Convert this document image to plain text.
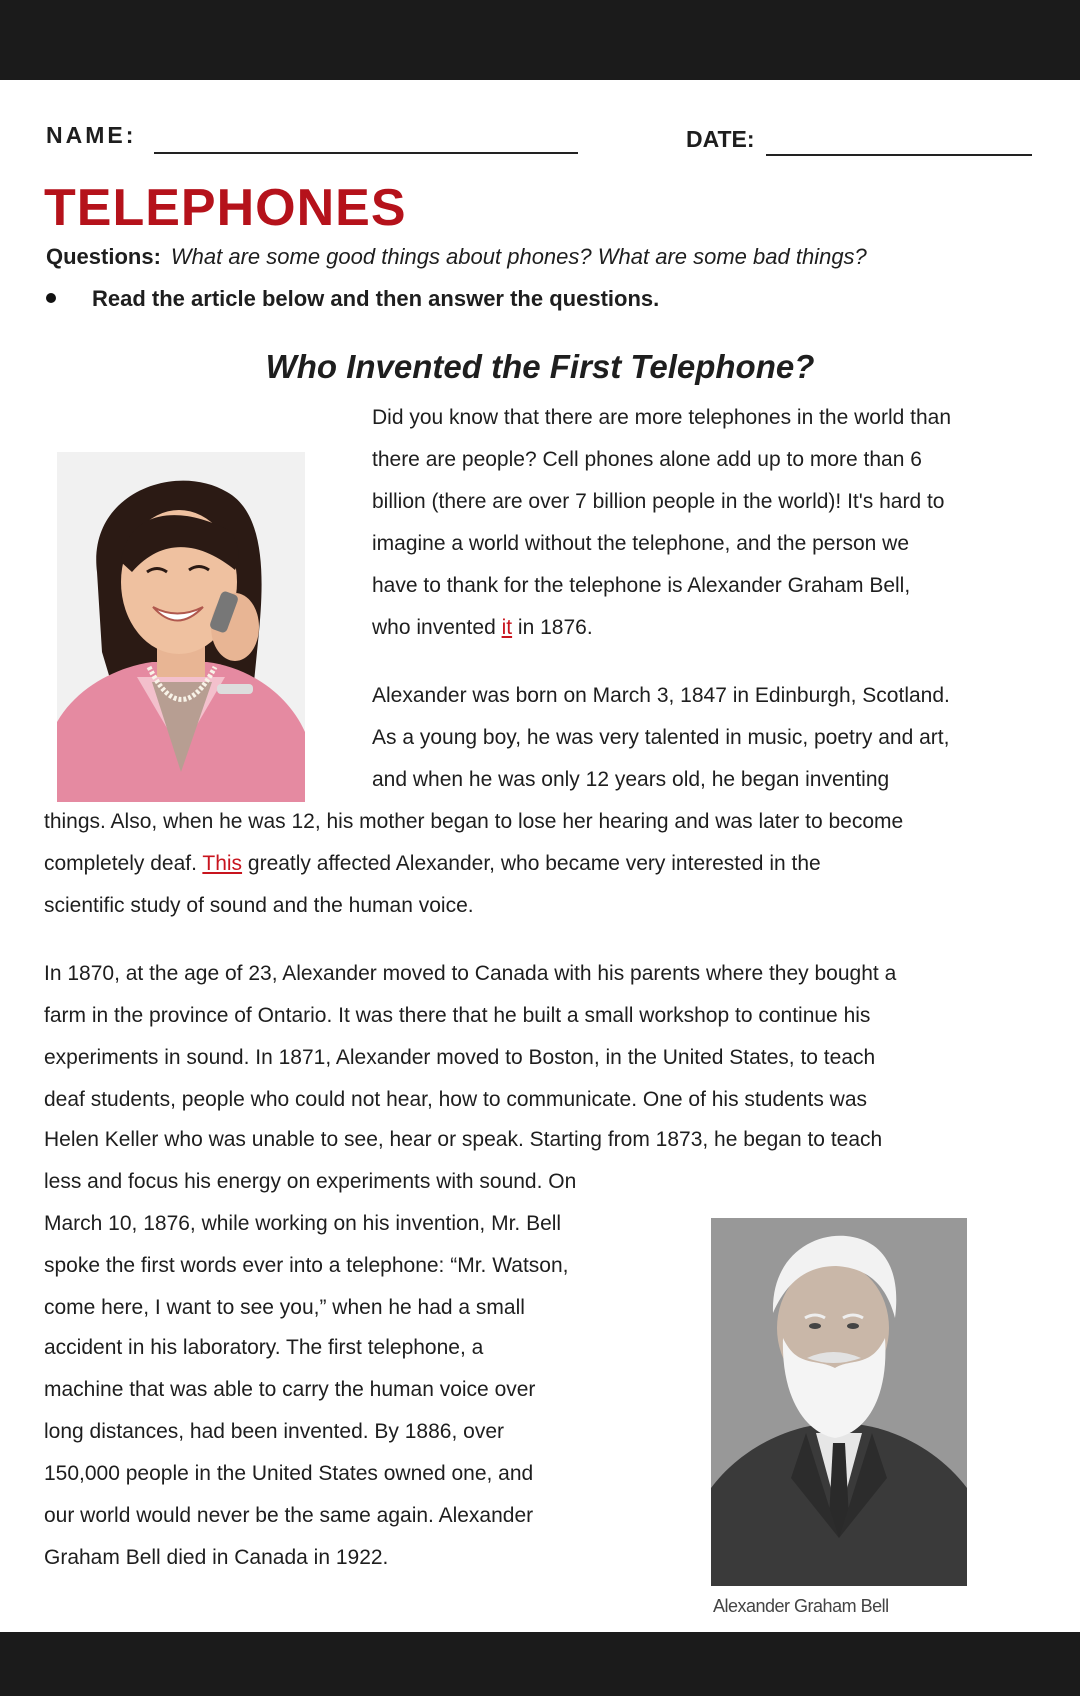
NAME:	DATE:
TELEPHONES
Questions: What are some good things about phones? What are some bad things?
Read the article below and then answer the questions.
Who Invented the First Telephone?
Did you know that there are more telephones in the world than
there are people? Cell phones alone add up to more than 6
billion (there are over 7 billion people in the world)! It's hard to
imagine a world without the telephone, and the person we
have to thank for the telephone is Alexander Graham Bell,
who invented it in 1876.
Alexander was born on March 3, 1847 in Edinburgh, Scotland.
As a young boy, he was very talented in music, poetry and art,
and when he was only 12 years old, he began inventing
things. Also, when he was 12, his mother began to lose her hearing and was later to become
completely deaf. This greatly affected Alexander, who became very interested in the
scientific study of sound and the human voice.
In 1870, at the age of 23, Alexander moved to Canada with his parents where they bought a
farm in the province of Ontario. It was there that he built a small workshop to continue his
experiments in sound. In 1871, Alexander moved to Boston, in the United States, to teach
deaf students, people who could not hear, how to communicate. One of his students was
Helen Keller who was unable to see, hear or speak. Starting from 1873, he began to teach
less and focus his energy on experiments with sound. On
March 10, 1876, while working on his invention, Mr. Bell
spoke the first words ever into a telephone: “Mr. Watson,
come here, I want to see you,” when he had a small
accident in his laboratory. The first telephone, a
machine that was able to carry the human voice over
long distances, had been invented. By 1886, over
150,000 people in the United States owned one, and
our world would never be the same again. Alexander
Graham Bell died in Canada in 1922.
Alexander Graham Bell
